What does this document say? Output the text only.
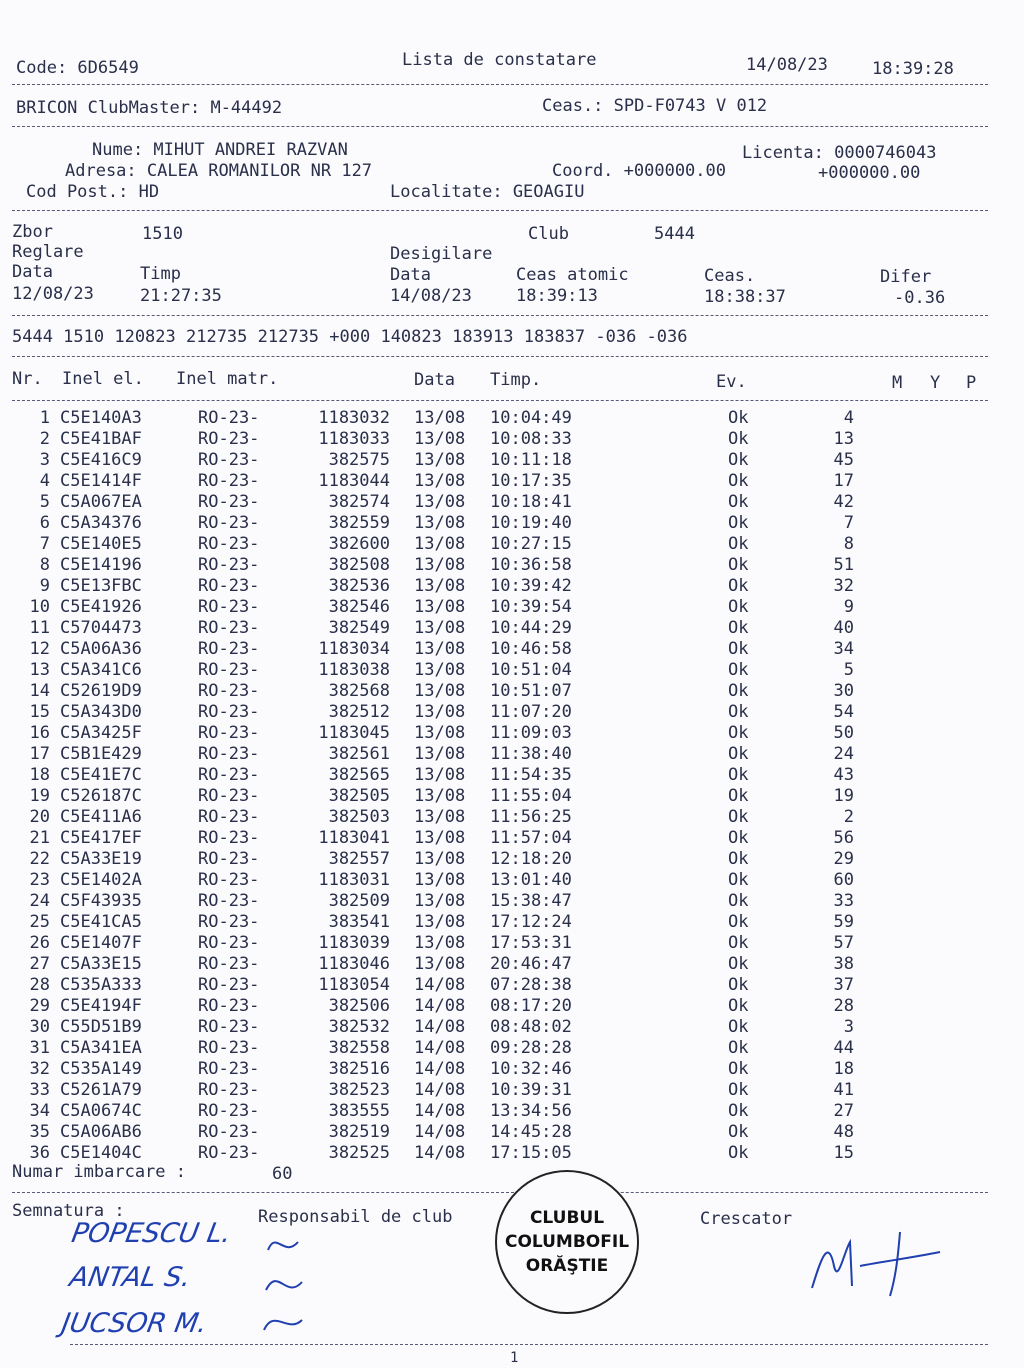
Code: 6D6549	Lista de constatare	14/08/23	18:39:28
BRICON ClubMaster: M-44492	Ceas.: SPD-F0743 V 012
Nume: MIHUT ANDREI RAZVAN	Licenta: 0000746043
Adresa: CALEA ROMANILOR NR 127	Coord. +000000.00	+000000.00
Cod Post.: HD	Localitate: GEOAGIU
Zbor	1510	Club	5444
Reglare	Desigilare
Data	Timp	Data	Ceas atomic	Ceas.	Difer
12/08/23	21:27:35	14/08/23	18:39:13	18:38:37	-0.36
5444 1510 120823 212735 212735 +000 140823 183913 183837 -036 -036
Nr. Inel el. Inel matr.	Data Timp.	Ev.	M Y P
1 C5E140A3	RO-23-	1183032 13/08 10:04:49	Ok	4
2 C5E41BAF	RO-23-	1183033 13/08 10:08:33	Ok	13
3 C5E416C9	RO-23-	382575 13/08 10:11:18	Ok	45
4 C5E1414F	RO-23-	1183044 13/08 10:17:35	Ok	17
5 C5A067EA	RO-23-	382574 13/08 10:18:41	Ok	42
6 C5A34376	RO-23-	382559 13/08 10:19:40	Ok	7
7 C5E140E5	RO-23-	382600 13/08 10:27:15	Ok	8
8 C5E14196	RO-23-	382508 13/08 10:36:58	Ok	51
9 C5E13FBC	RO-23-	382536 13/08 10:39:42	Ok	32
10 C5E41926	RO-23-	382546 13/08 10:39:54	Ok	9
11 C5704473	RO-23-	382549 13/08 10:44:29	Ok	40
12 C5A06A36	RO-23-	1183034 13/08 10:46:58	Ok	34
13 C5A341C6	RO-23-	1183038 13/08 10:51:04	Ok	5
14 C52619D9	RO-23-	382568 13/08 10:51:07	Ok	30
15 C5A343D0	RO-23-	382512 13/08 11:07:20	Ok	54
16 C5A3425F	RO-23-	1183045 13/08 11:09:03	Ok	50
17 C5B1E429	RO-23-	382561 13/08 11:38:40	Ok	24
18 C5E41E7C	RO-23-	382565 13/08 11:54:35	Ok	43
19 C526187C	RO-23-	382505 13/08 11:55:04	Ok	19
20 C5E411A6	RO-23-	382503 13/08 11:56:25	Ok	2
21 C5E417EF	RO-23-	1183041 13/08 11:57:04	Ok	56
22 C5A33E19	RO-23-	382557 13/08 12:18:20	Ok	29
23 C5E1402A	RO-23-	1183031 13/08 13:01:40	Ok	60
24 C5F43935	RO-23-	382509 13/08 15:38:47	Ok	33
25 C5E41CA5	RO-23-	383541 13/08 17:12:24	Ok	59
26 C5E1407F	RO-23-	1183039 13/08 17:53:31	Ok	57
27 C5A33E15	RO-23-	1183046 13/08 20:46:47	Ok	38
28 C535A333	RO-23-	1183054 14/08 07:28:38	Ok	37
29 C5E4194F	RO-23-	382506 14/08 08:17:20	Ok	28
30 C55D51B9	RO-23-	382532 14/08 08:48:02	Ok	3
31 C5A341EA	RO-23-	382558 14/08 09:28:28	Ok	44
32 C535A149	RO-23-	382516 14/08 10:32:46	Ok	18
33 C5261A79	RO-23-	382523 14/08 10:39:31	Ok	41
34 C5A0674C	RO-23-	383555 14/08 13:34:56	Ok	27
35 C5A06AB6	RO-23-	382519 14/08 14:45:28	Ok	48
36 C5E1404C	RO-23-	382525 14/08 17:15:05	Ok	15
Numar imbarcare :	60
Semnatura :	Responsabil de club	Crescator
CLUBUL
COLUMBOFIL
ORĂŞTIE
POPESCU L.
ANTAL S.
JUCSOR M.
1
